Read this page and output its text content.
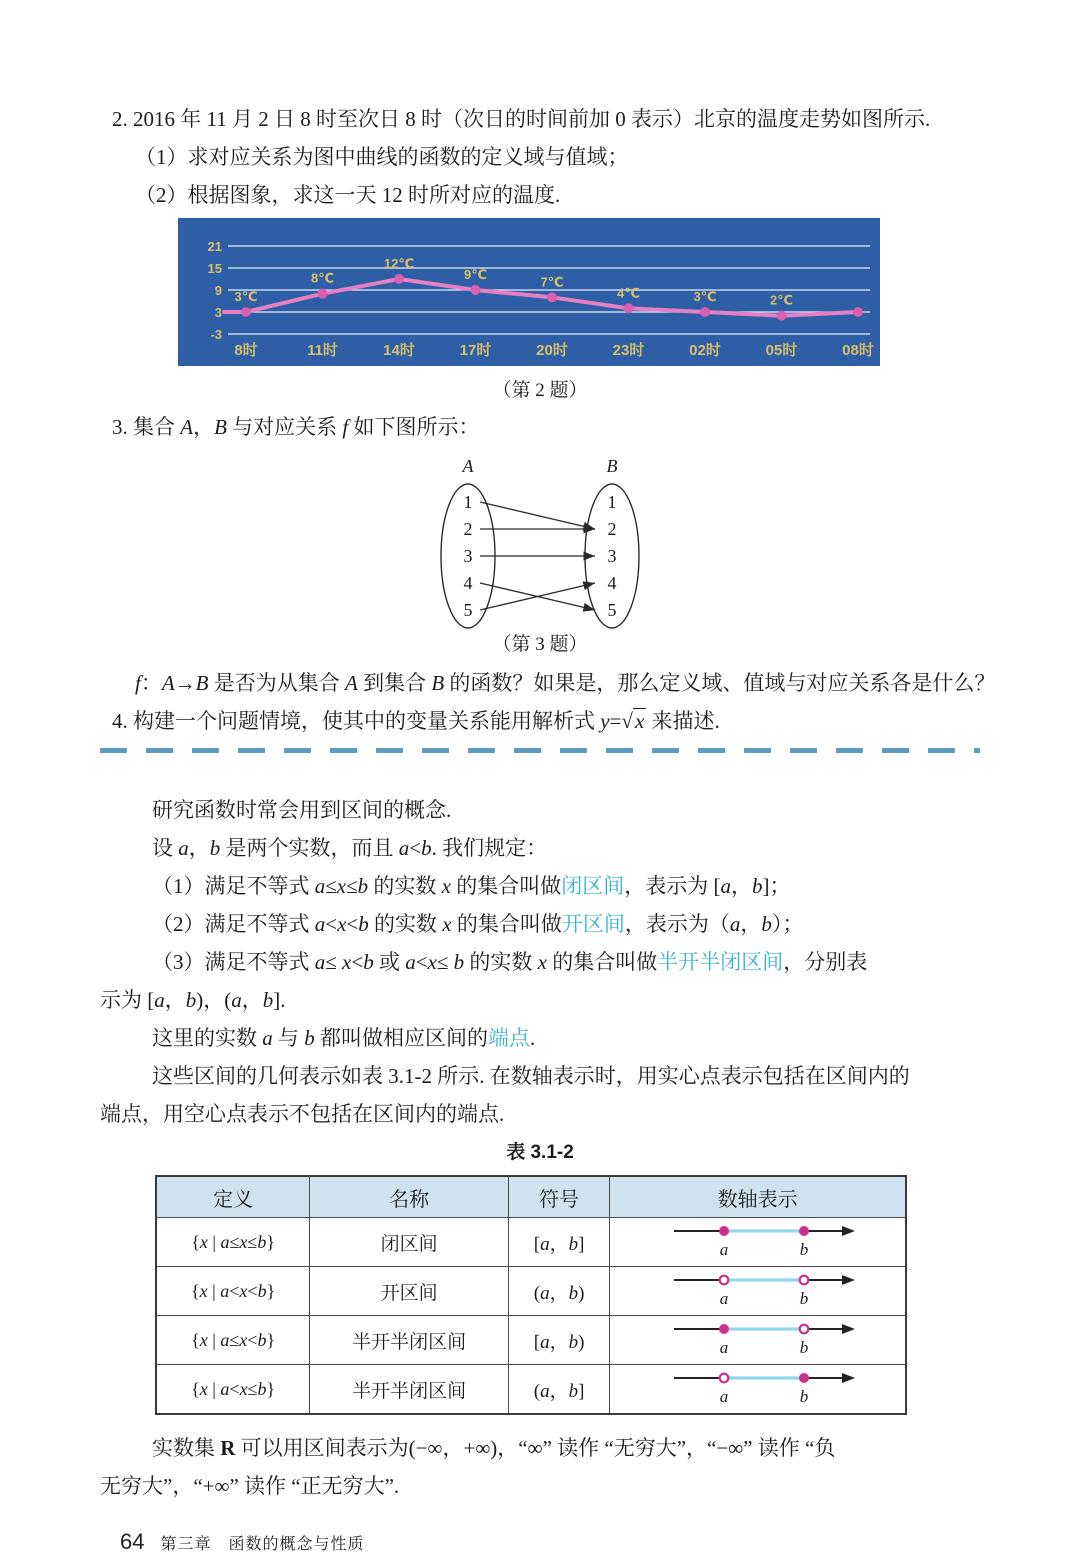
2. 2016 年 11 月 2 日 8 时至次日 8 时（次日的时间前加 0 表示）北京的温度走势如图所示.

（1）求对应关系为图中曲线的函数的定义域与值域；

（2）根据图象，求这一天 12 时所对应的温度.

21
15
9
3
-3
3℃
8℃
12℃
9℃	7℃
4℃	3℃	2℃
8时	11时	14时	17时	20时	23时	02时	05时	08时

（第 2 题）

3. 集合 A，B 与对应关系 f 如下图所示：

A	B
1
2
3
4
5
1
2
3
4
5

（第 3 题）

f：A→B 是否为从集合 A 到集合 B 的函数？如果是，那么定义域、值域与对应关系各是什么？

4. 构建一个问题情境，使其中的变量关系能用解析式 y=√x 来描述.

研究函数时常会用到区间的概念.

设 a，b 是两个实数，而且 a<b. 我们规定：

（1）满足不等式 a≤x≤b 的实数 x 的集合叫做闭区间，表示为 [a，b]；

（2）满足不等式 a<x<b 的实数 x 的集合叫做开区间，表示为（a，b）；

（3）满足不等式 a≤ x<b 或 a<x≤ b 的实数 x 的集合叫做半开半闭区间，分别表

示为 [a，b)，(a，b].

这里的实数 a 与 b 都叫做相应区间的端点.

这些区间的几何表示如表 3.1-2 所示. 在数轴表示时，用实心点表示包括在区间内的

端点，用空心点表示不包括在区间内的端点.

表 3.1-2

定义	名称	符号	数轴表示
{x | a≤x≤b}	闭区间	[a，b]	a b

{x | a<x<b}	开区间	(a，b)	a b

{x | a≤x<b}	半开半闭区间	[a，b)	a b

{x | a<x≤b}	半开半闭区间	(a，b]	a b

实数集 R 可以用区间表示为(−∞，+∞)，“∞” 读作 “无穷大”，“−∞” 读作 “负

无穷大”，“+∞” 读作 “正无穷大”.

64 第三章　函数的概念与性质
